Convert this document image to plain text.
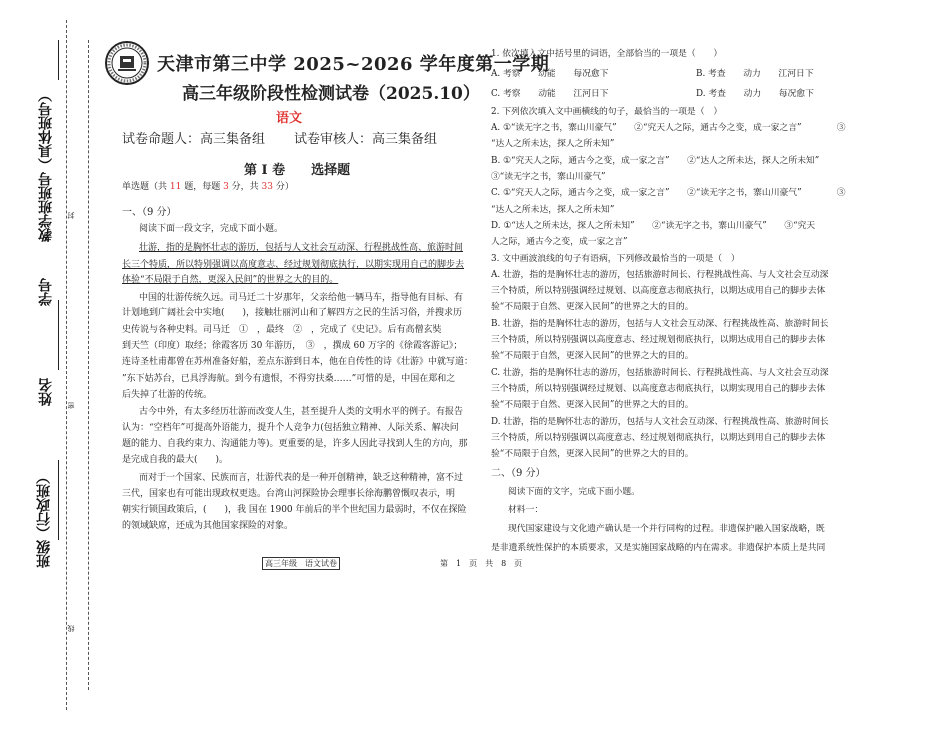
班级（行政班）
姓名
学号
教学班班号（具体班号） 封
密
线
天津市第三中学 2025~2026 学年度第一学期
高三年级阶段性检测试卷（2025.10）
语文
试卷命题人：高三集备组 试卷审核人：高三集备组
第 I 卷　　选择题
单选题（共 11 题，每题 3 分，共 33 分）
一、（9 分）
阅读下面一段文字，完成下面小题。
壮游，指的是胸怀壮志的游历，包括与人文社会互动深、行程挑战性高、旅游时间
长三个特质，所以特别强调以高度意志、经过规划彻底执行，以期实现用自己的脚步去
体验“不局限于自然，更深入民间”的世界之大的目的。
中国的壮游传统久远。司马迁二十岁那年，父亲给他一辆马车，指导他有目标、有
计划地到广阔社会中实地(　　)，接触壮丽河山和了解四方之民的生活习俗，并搜求历
史传说与各种史料。司马迁　①　，最终　②　，完成了《史记》。后有高僧玄奘
到天竺（印度）取经；徐霞客历 30 年游历，　③　，撰成 60 万字的《徐霞客游记》；
连诗圣杜甫都曾在苏州准备好船，差点东游到日本，他在自传性的诗《壮游》中就写道：
”东下姑苏台，已具浮海航。到今有遗恨，不得穷扶桑……”可惜的是，中国在郑和之
后失掉了壮游的传统。
古今中外，有太多经历壮游而改变人生，甚至提升人类的文明水平的例子。有报告
认为：“空档年”可提高外语能力，提升个人竞争力(包括独立精神、人际关系、解决问
题的能力、自我约束力、沟通能力等)。更重要的是，许多人因此寻找到人生的方向，那
是完成自我的最大(　　)。
而对于一个国家、民族而言，壮游代表的是一种开创精神，缺乏这种精神，富不过
三代，国家也有可能出现政权更迭。台湾山河探险协会理事长徐海鹏曾慨叹表示，明
朝实行锁国政策后，(　　)，我 国在 1900 年前后的半个世纪国力最弱时，不仅在探险
的领域缺席，还成为其他国家探险的对象。
高三年级　语文试卷	第　1　页　共　8　页
1. 依次填入文中括号里的词语，全部恰当的一项是（　　）
A. 考察　　动能　　每况愈下	B. 考查　　动力　　江河日下
C. 考察　　动能　　江河日下	D. 考查　　动力　　每况愈下
2. 下列依次填入文中画横线的句子，最恰当的一项是（　）
A. ①“读无字之书，寨山川豪气”　　②“究天人之际，通古今之变，成一家之言”　　　　③
“达人之所未达，探人之所未知”
B. ①“究天人之际，通古今之变，成一家之言”　　②“达人之所未达，探人之所未知”
③“读无字之书，寨山川豪气”
C. ①“究天人之际，通古今之变，成一家之言”　　②“读无字之书，寨山川豪气”　　　　③
“达人之所未达，探人之所未知”
D. ①“达人之所未达，探人之所未知”　　②“读无字之书，寨山川豪气”　　③“究天
人之际，通古今之变，成一家之言”
3. 文中画波浪线的句子有语病，下列修改最恰当的一项是（　）
A. 壮游，指的是胸怀壮志的游历，包括旅游时间长、行程挑战性高、与人文社会互动深
三个特质，所以特别强调经过规划、以高度意志彻底执行，以期达成用自己的脚步去体
验“不局限于自然、更深入民间”的世界之大的目的。
B. 壮游，指的是胸怀壮志的游历，包括与人文社会互动深、行程挑战性高、旅游时间长
三个特质，所以特别强调以高度意志、经过规划彻底执行，以期达成用自己的脚步去体
验“不局限于自然，更深入民间”的世界之大的目的。
C. 壮游，指的是胸怀壮志的游历，包括旅游时间长、行程挑战性高、与人文社会互动深
三个特质，所以特别强调经过规划、以高度意志彻底执行，以期实现用自己的脚步去体
验“不局限于自然、更深入民间”的世界之大的目的。
D. 壮游，指的是胸怀壮志的游历，包括与人文社会互动深、行程挑战性高、旅游时间长
三个特质，所以特别强调以高度意志、经过规划彻底执行，以期达到用自己的脚步去体
验“不局限于自然，更深入民间”的世界之大的目的。
二、（9 分）
阅读下面的文字，完成下面小题。
材料一：
现代国家建设与文化遗产确认是一个并行同构的过程。非遗保护融入国家战略，既
是非遗系统性保护的本质要求，又是实施国家战略的内在需求。非遗保护本质上是共同
